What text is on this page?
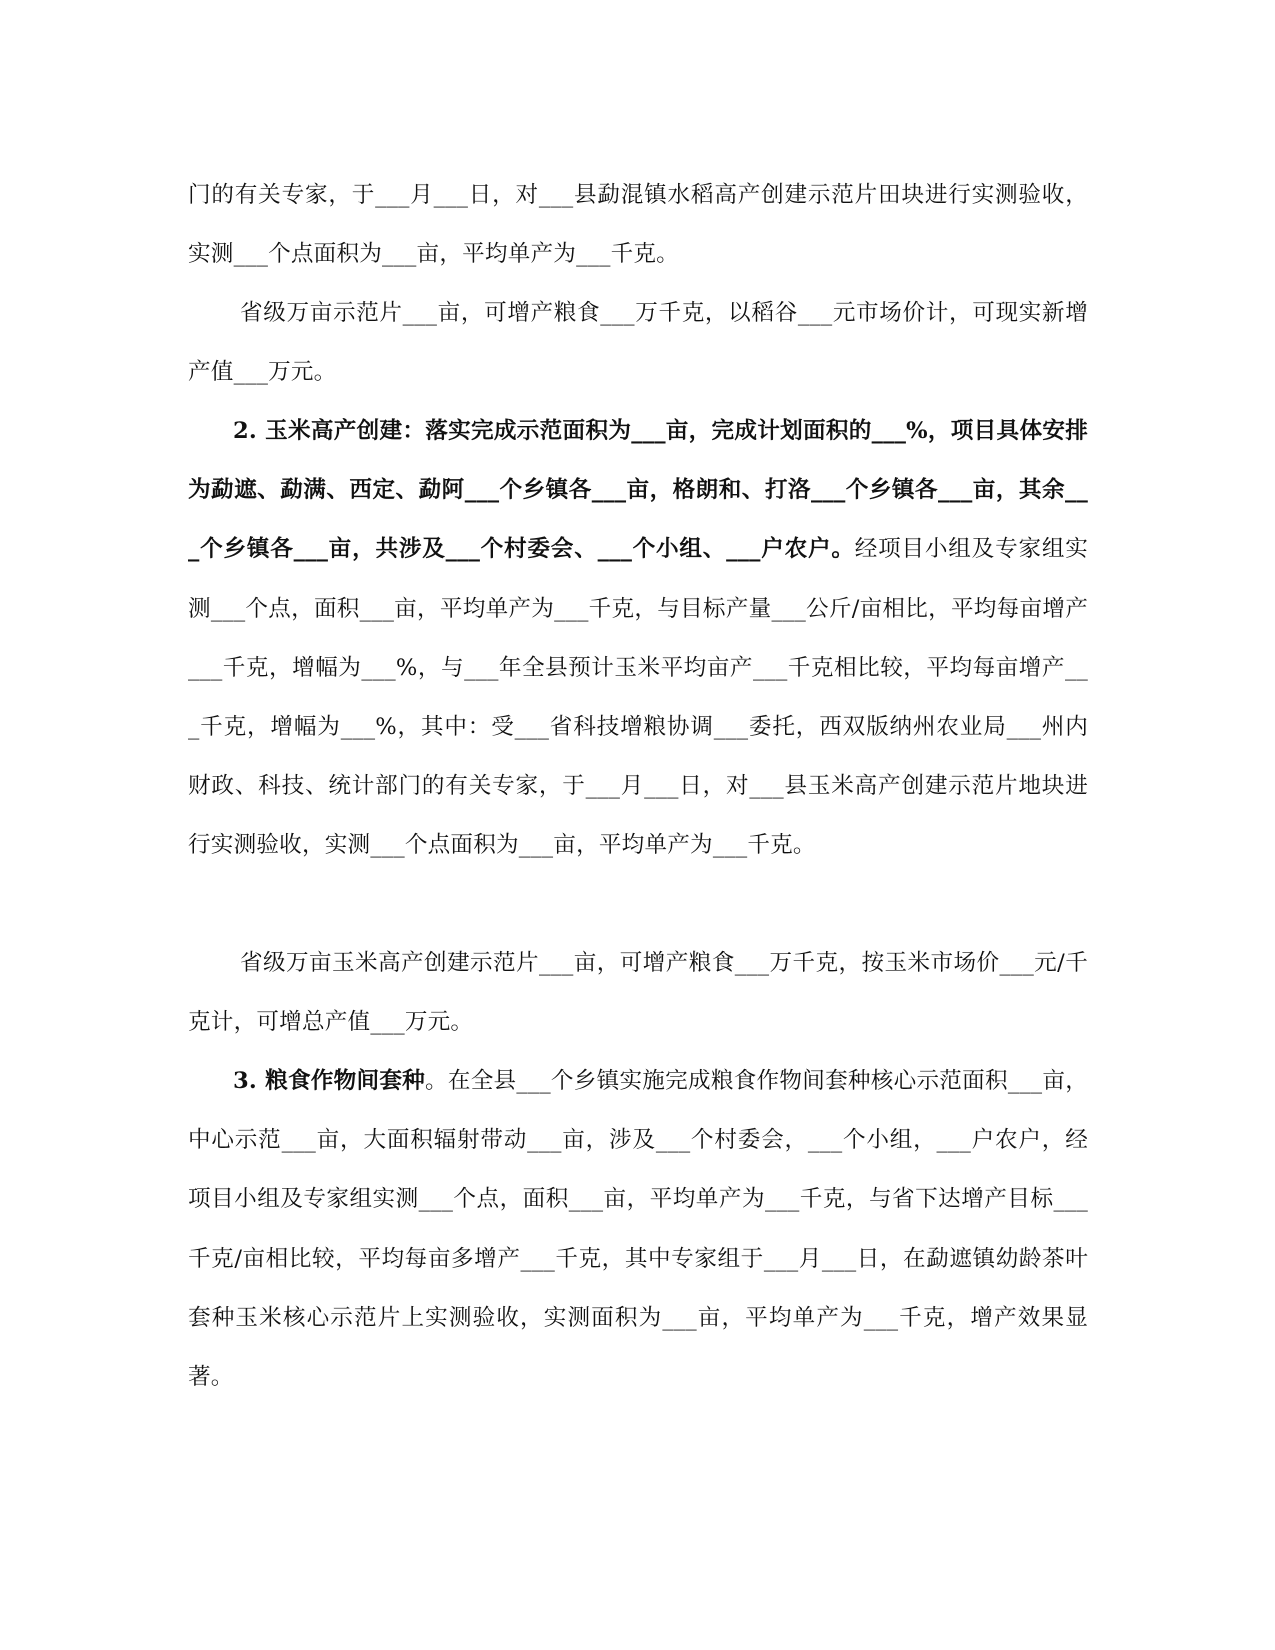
门的有关专家，于___月___日，对___县勐混镇水稻高产创建示范片田块进行实测验收，实测___个点面积为___亩，平均单产为___千克。

省级万亩示范片___亩，可增产粮食___万千克，以稻谷___元市场价计，可现实新增产值___万元。

2. 玉米高产创建：落实完成示范面积为___亩，完成计划面积的___%，项目具体安排为勐遮、勐满、西定、勐阿___个乡镇各___亩，格朗和、打洛___个乡镇各___亩，其余___个乡镇各___亩，共涉及___个村委会、___个小组、___户农户。经项目小组及专家组实测___个点，面积___亩，平均单产为___千克，与目标产量___公斤/亩相比，平均每亩增产___千克，增幅为___%，与___年全县预计玉米平均亩产___千克相比较，平均每亩增产___千克，增幅为___%，其中：受___省科技增粮协调___委托，西双版纳州农业局___州内财政、科技、统计部门的有关专家，于___月___日，对___县玉米高产创建示范片地块进行实测验收，实测___个点面积为___亩，平均单产为___千克。

省级万亩玉米高产创建示范片___亩，可增产粮食___万千克，按玉米市场价___元/千克计，可增总产值___万元。

3. 粮食作物间套种。在全县___个乡镇实施完成粮食作物间套种核心示范面积___亩，中心示范___亩，大面积辐射带动___亩，涉及___个村委会，___个小组，___户农户，经项目小组及专家组实测___个点，面积___亩，平均单产为___千克，与省下达增产目标___千克/亩相比较，平均每亩多增产___千克，其中专家组于___月___日，在勐遮镇幼龄茶叶套种玉米核心示范片上实测验收，实测面积为___亩，平均单产为___千克，增产效果显著。
